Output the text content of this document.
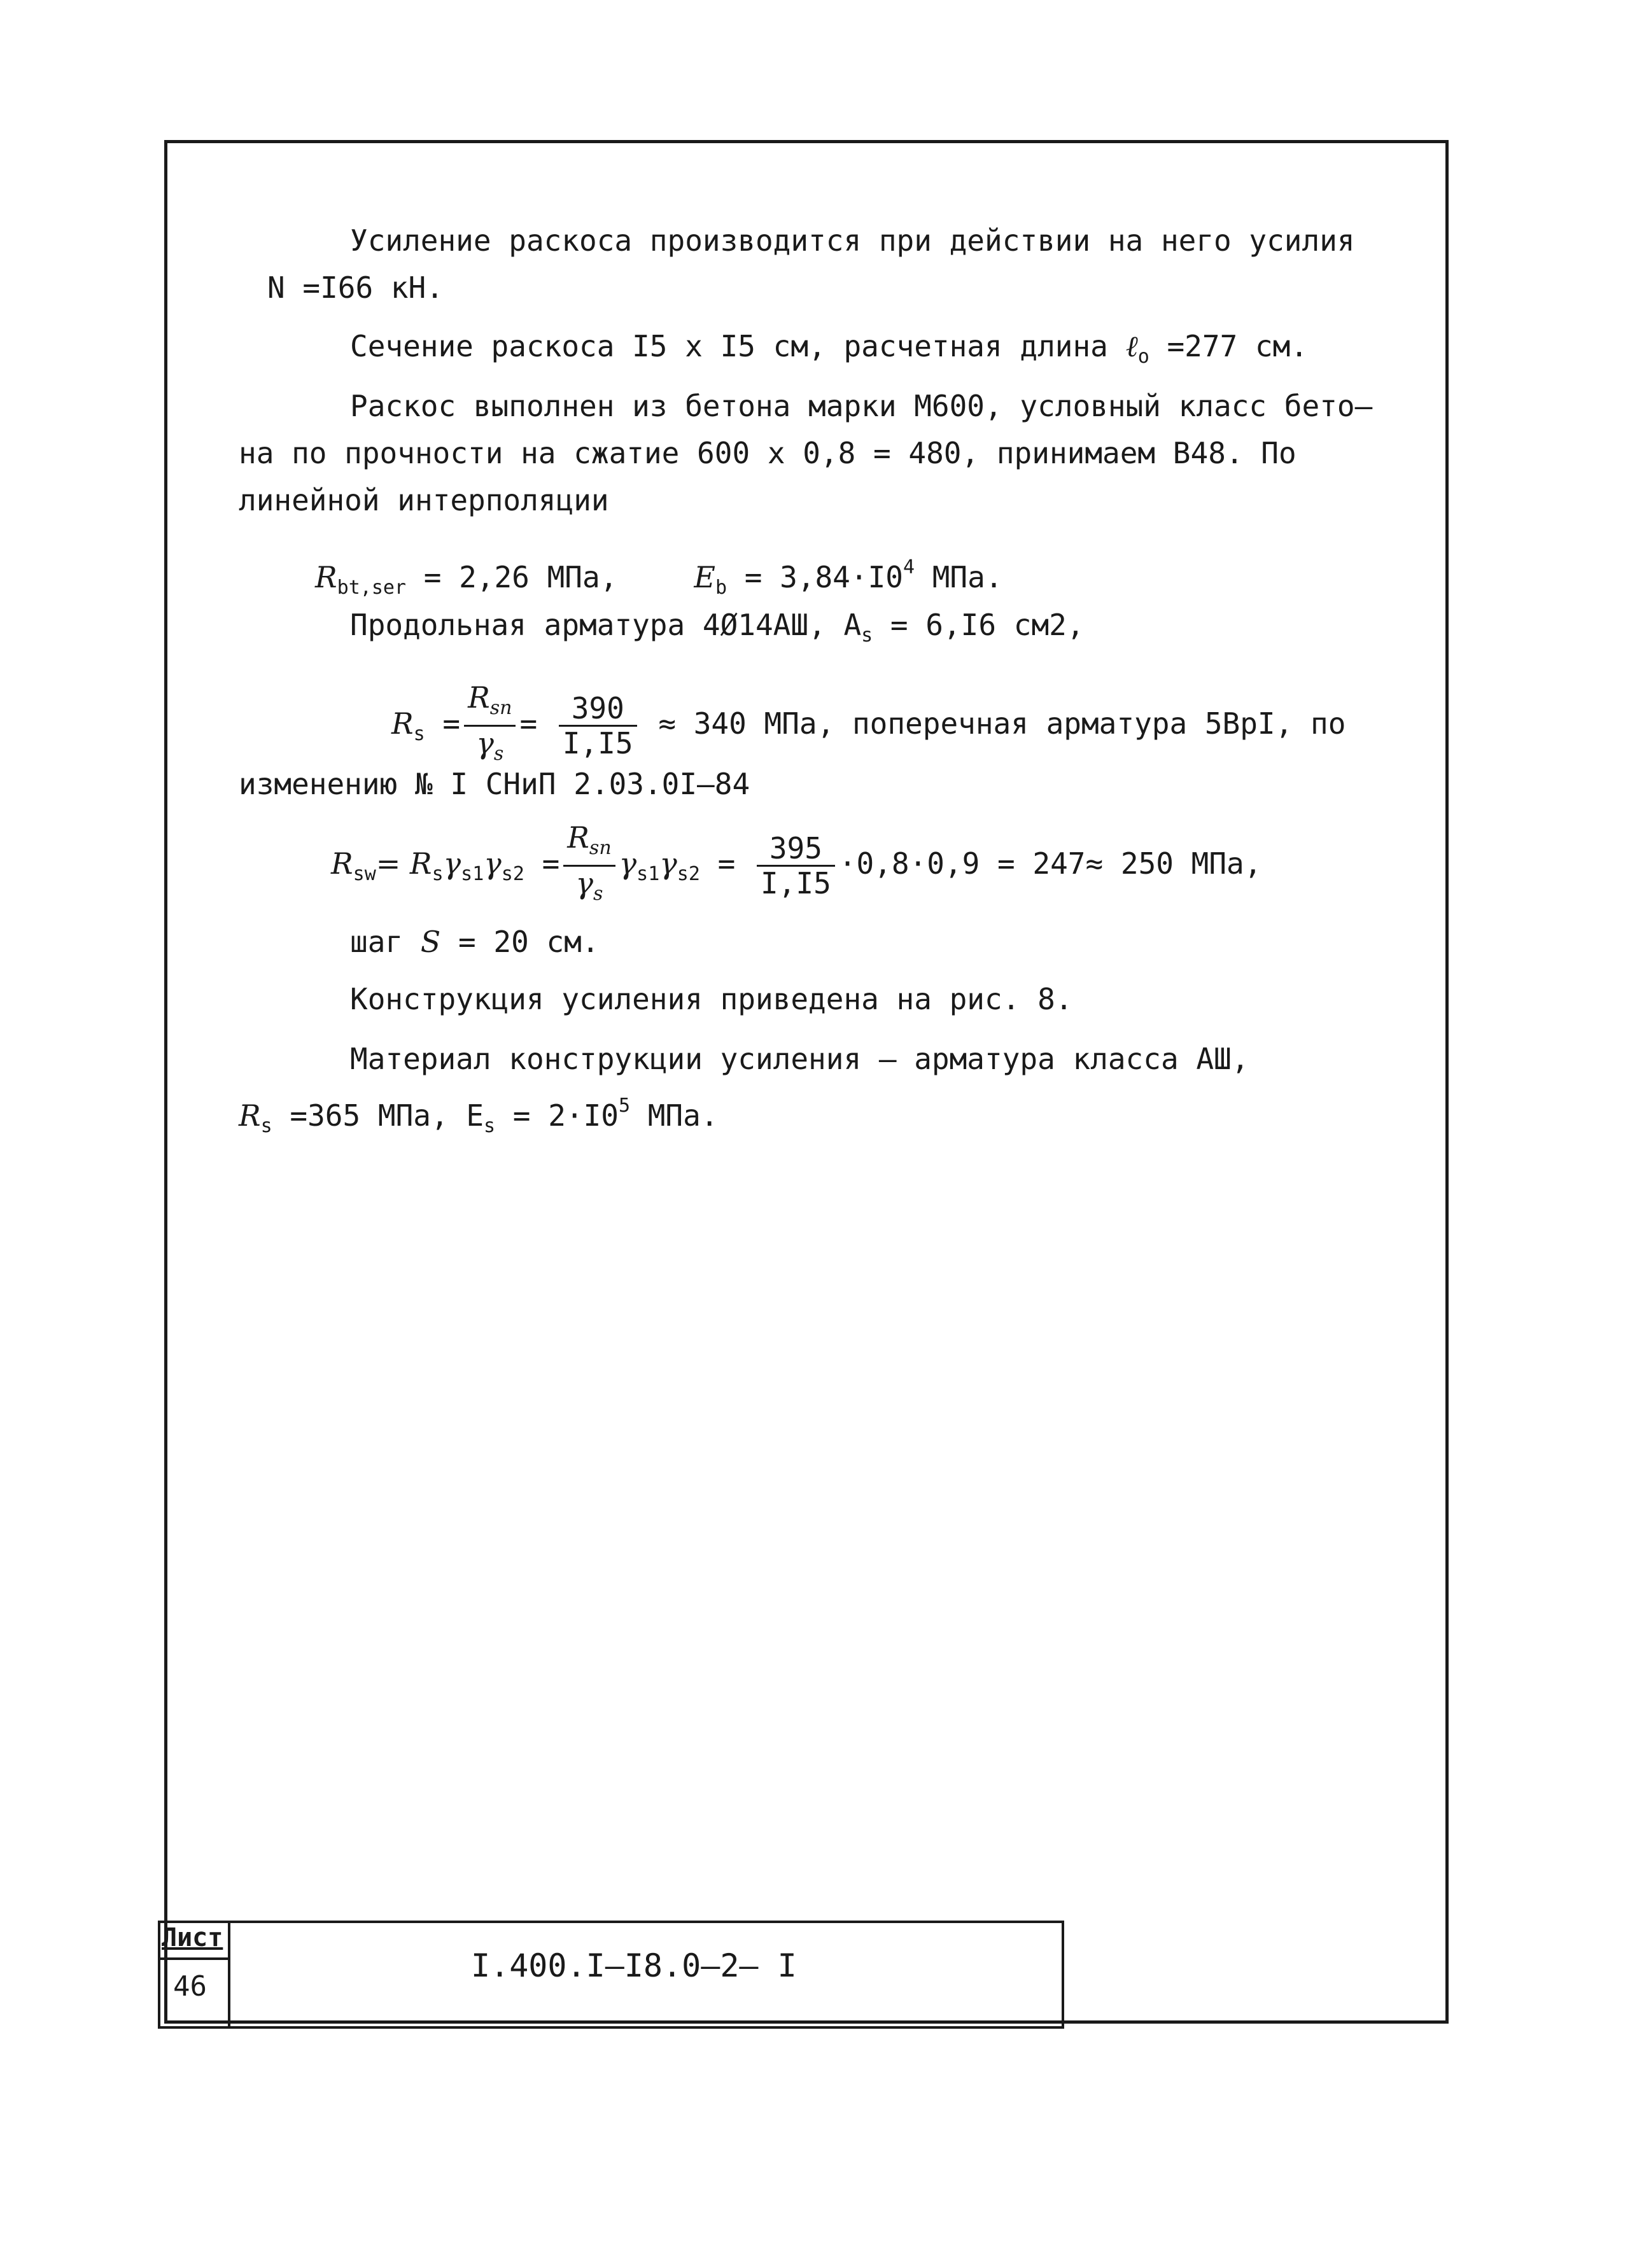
Усиление раскоса производится при действии на него усилия
N =I66 кН.
Сечение раскоса I5 x I5 см, расчетная длина ℓ$_o$ =277 см.
Раскос выполнен из бетона марки M600, условный класс бето–
на по прочности на сжатие 600 x 0,8 = 480, принимаем B48. По
линейной интерполяции
$R_{bt,ser} = 2,26$ МПа,	$E_b = 3,84\cdot I0^4$ МПа.
Продольная арматура 4Ø14AШ, $A_s = 6,I6$ см2,
$R_s = \frac{R_{sn}}{\gamma_s} = \frac{390}{I,I5} \approx 340$ МПа, поперечная арматура 5BpI, по
изменению № I СНиП 2.03.0I–84
$R_{sw}= R_s\gamma_{s1}\gamma_{s2} = \frac{R_{sn}}{\gamma_s} \gamma_{s1}\gamma_{s2} = \frac{395}{I,I5} \cdot 0,8\cdot 0,9 = 247\approx 250$ МПа,
шаг S = 20 см.
Конструкция усиления приведена на рис. 8.
Материал конструкции усиления – арматура класса AШ,
$R_s =365$ МПа, $E_s = 2\cdot I0^5$ МПа.
Лист
46
I.400.I–I8.0–2– I
